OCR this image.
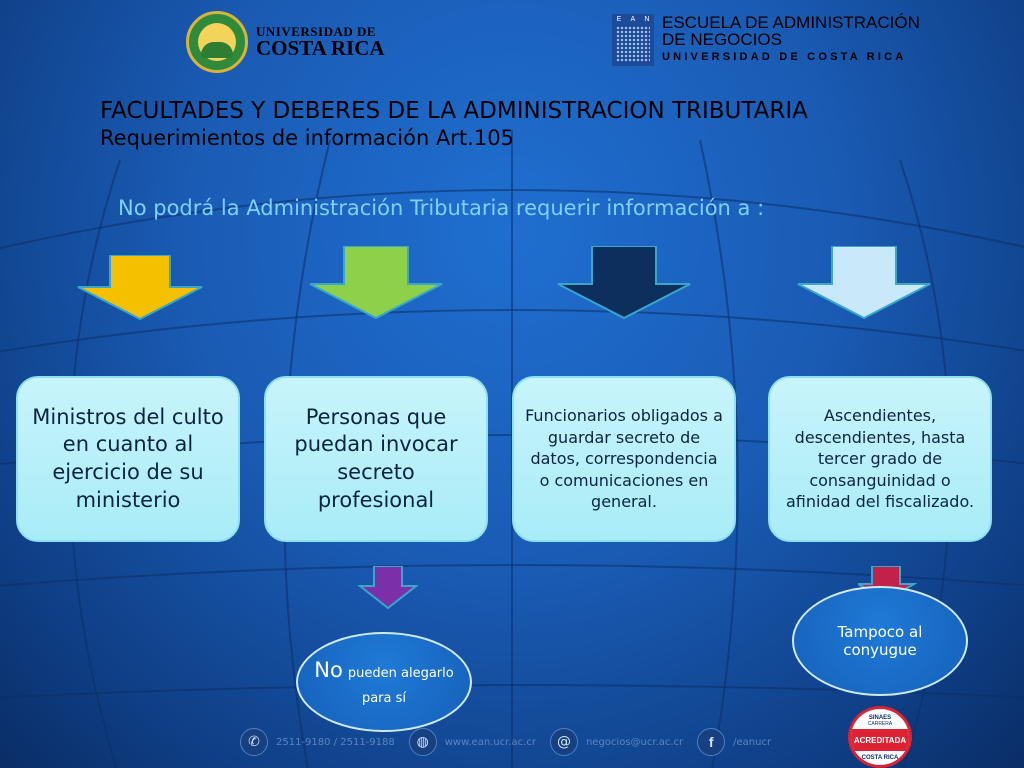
UNIVERSIDAD DE
COSTA RICA
E A N ESCUELA DE ADMINISTRACIÓN
DE NEGOCIOS
UNIVERSIDAD DE COSTA RICA
FACULTADES Y DEBERES DE LA ADMINISTRACION TRIBUTARIA
Requerimientos de información Art.105
No podrá la Administración Tributaria requerir información a :
Ministros del culto en cuanto al ejercicio de su ministerio
Personas que puedan invocar secreto profesional
Funcionarios obligados a guardar secreto de datos, correspondencia o comunicaciones en general.
Ascendientes, descendientes, hasta tercer grado de consanguinidad o afinidad del fiscalizado.
No pueden alegarlo para sí
Tampoco al conyugue
✆	2511-9180 / 2511-9188	◍	www.ean.ucr.ac.cr	@	negocios@ucr.ac.cr	f	/eanucr
SINAES
CARRERA
ACREDITADA
COSTA RICA
